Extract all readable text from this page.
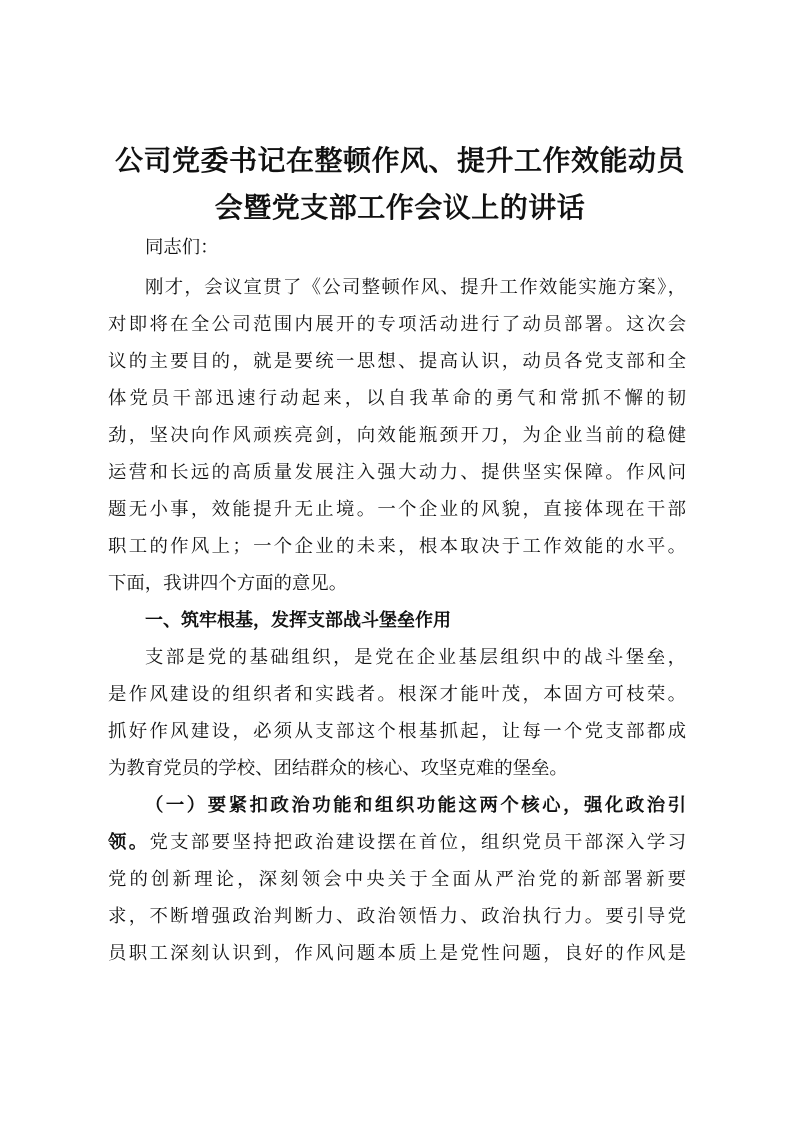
公司党委书记在整顿作风、提升工作效能动员
会暨党支部工作会议上的讲话

同志们：

刚才，会议宣贯了《公司整顿作风、提升工作效能实施方案》，

对即将在全公司范围内展开的专项活动进行了动员部署。这次会

议的主要目的，就是要统一思想、提高认识，动员各党支部和全

体党员干部迅速行动起来，以自我革命的勇气和常抓不懈的韧

劲，坚决向作风顽疾亮剑，向效能瓶颈开刀，为企业当前的稳健

运营和长远的高质量发展注入强大动力、提供坚实保障。作风问

题无小事，效能提升无止境。一个企业的风貌，直接体现在干部

职工的作风上；一个企业的未来，根本取决于工作效能的水平。

下面，我讲四个方面的意见。

一、筑牢根基，发挥支部战斗堡垒作用

支部是党的基础组织，是党在企业基层组织中的战斗堡垒，

是作风建设的组织者和实践者。根深才能叶茂，本固方可枝荣。

抓好作风建设，必须从支部这个根基抓起，让每一个党支部都成

为教育党员的学校、团结群众的核心、攻坚克难的堡垒。

（一）要紧扣政治功能和组织功能这两个核心，强化政治引

领。党支部要坚持把政治建设摆在首位，组织党员干部深入学习

党的创新理论，深刻领会中央关于全面从严治党的新部署新要

求，不断增强政治判断力、政治领悟力、政治执行力。要引导党

员职工深刻认识到，作风问题本质上是党性问题，良好的作风是
